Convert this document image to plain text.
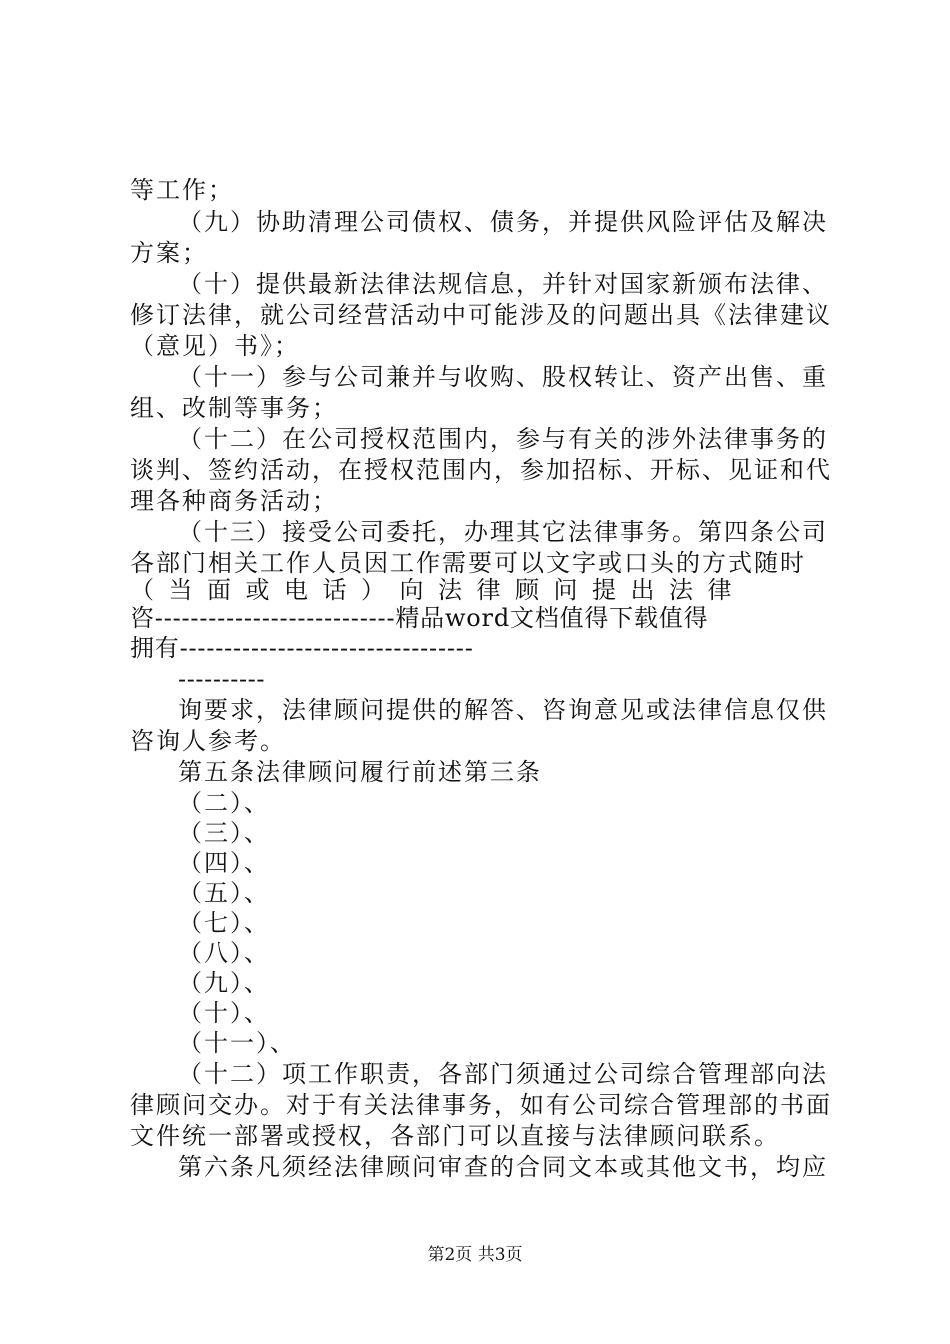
等工作；
（九）协助清理公司债权、债务，并提供风险评估及解决
方案；
（十）提供最新法律法规信息，并针对国家新颁布法律、
修订法律，就公司经营活动中可能涉及的问题出具《法律建议
（意见）书》；
（十一）参与公司兼并与收购、股权转让、资产出售、重
组、改制等事务；
（十二）在公司授权范围内，参与有关的涉外法律事务的
谈判、签约活动，在授权范围内，参加招标、开标、见证和代
理各种商务活动；
（十三）接受公司委托，办理其它法律事务。第四条公司
各部门相关工作人员因工作需要可以文字或口头的方式随时
（当面或电话）向法律顾问提出法律
咨---------------------------精品word文档值得下载值得
拥有---------------------------------
----------
询要求，法律顾问提供的解答、咨询意见或法律信息仅供
咨询人参考。
第五条法律顾问履行前述第三条
（二）、
（三）、
（四）、
（五）、
（七）、
（八）、
（九）、
（十）、
（十一）、
（十二）项工作职责，各部门须通过公司综合管理部向法
律顾问交办。对于有关法律事务，如有公司综合管理部的书面
文件统一部署或授权，各部门可以直接与法律顾问联系。
第六条凡须经法律顾问审查的合同文本或其他文书，均应
第2页 共3页
